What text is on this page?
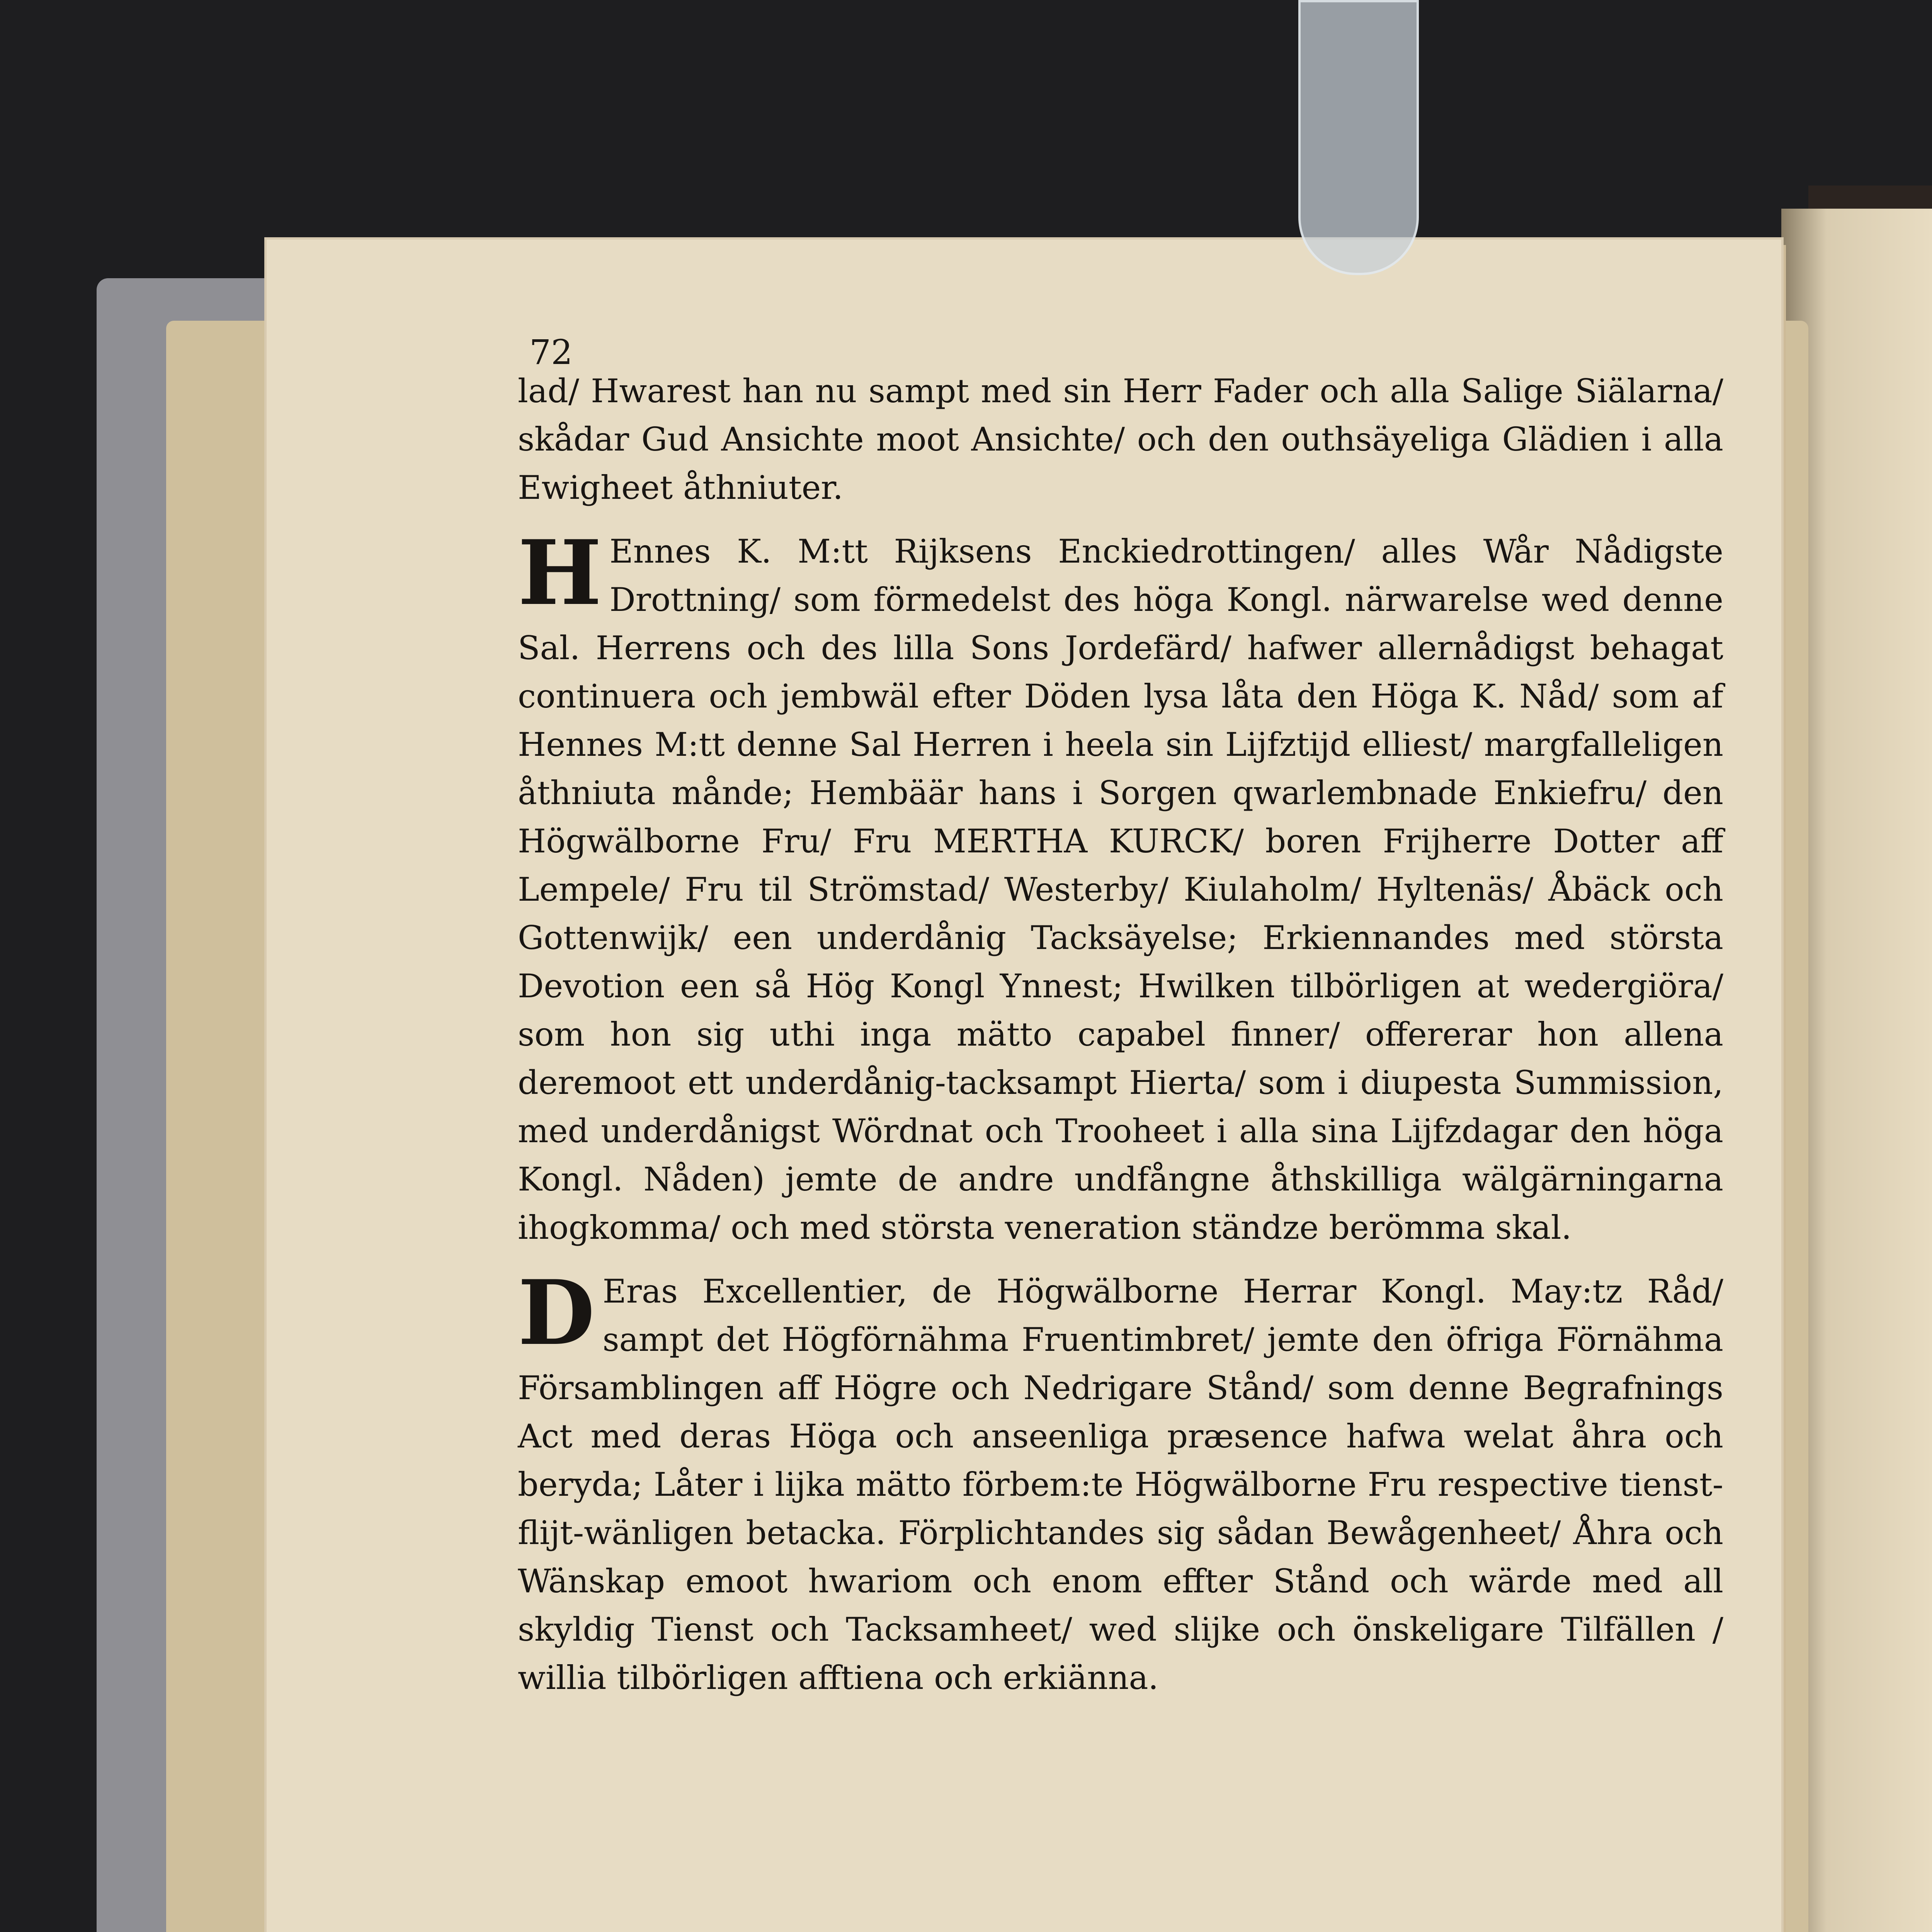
72

lad/ Hwarest han nu sampt med sin Herr Fader och alla Salige Siälarna/ skådar Gud Ansichte moot Ansichte/ och den outhsäyeliga Glädien i alla Ewigheet åthniuter.

H Ennes K. M:tt Rijksens Enckiedrottingen/ alles Wår Nådigste Drottning/ som förmedelst des höga Kongl. närwarelse wed denne Sal. Herrens och des lilla Sons Jordefärd/ hafwer allernådigst behagat continuera och jembwäl efter Döden lysa låta den Höga K. Nåd/ som af Hennes M:tt denne Sal Herren i heela sin Lijfztijd elliest/ margfalleligen åthniuta månde; Hembäär hans i Sorgen qwarlembnade Enkiefru/ den Högwälborne Fru/ Fru MERTHA KURCK/ boren Frijherre Dotter aff Lempele/ Fru til Strömstad/ Westerby/ Kiulaholm/ Hyltenäs/ Åbäck och Gottenwijk/ een underdånig Tacksäyelse; Erkiennandes med största Devotion een så Hög Kongl Ynnest; Hwilken tilbörligen at wedergiöra/ som hon sig uthi inga mätto capabel finner/ offererar hon allena deremoot ett underdånig-tacksampt Hierta/ som i diupesta Summission, med underdånigst Wördnat och Trooheet i alla sina Lijfzdagar den höga Kongl. Nåden) jemte de andre undfångne åthskilliga wälgärningarna ihogkomma/ och med största veneration ständze berömma skal.

D Eras Excellentier, de Högwälborne Herrar Kongl. May:tz Råd/ sampt det Högförnähma Fruentimbret/ jemte den öfriga Förnähma Församblingen aff Högre och Nedrigare Stånd/ som denne Begrafnings Act med deras Höga och anseenliga præsence hafwa welat åhra och beryda; Låter i lijka mätto förbem:te Högwälborne Fru respective tienst-flijt-wänligen betacka. Förplichtandes sig sådan Bewågenheet/ Åhra och Wänskap emoot hwariom och enom effter Stånd och wärde med all skyldig Tienst och Tacksamheet/ wed slijke och önskeligare Tilfällen / willia tilbörligen afftiena och erkiänna.
